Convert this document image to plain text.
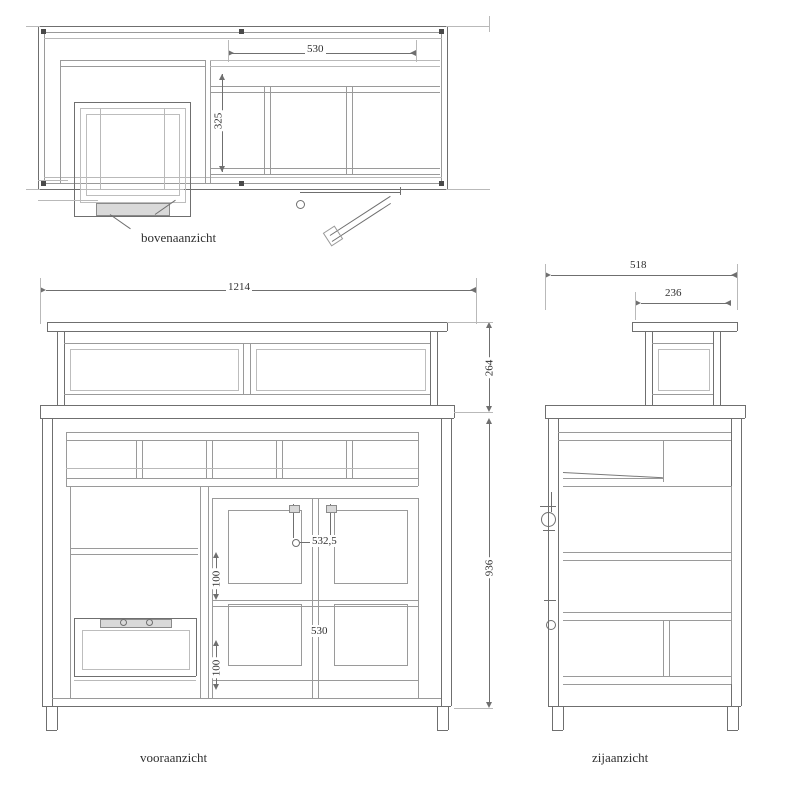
530
325
bovenaanzicht
1214
264
936
532,5
100
100
530
vooraanzicht
518
236
zijaanzicht
